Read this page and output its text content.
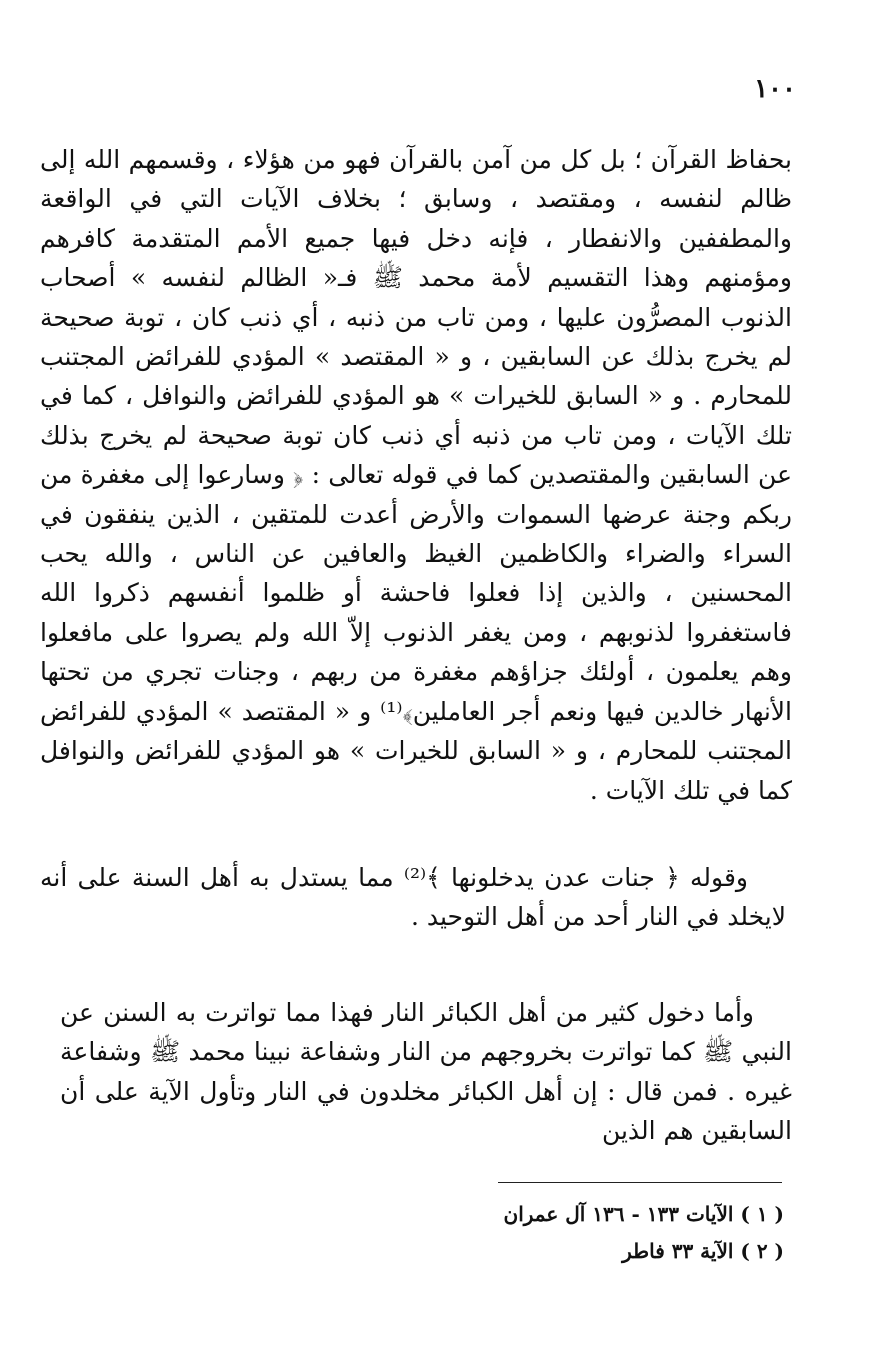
١٠٠
بحفاظ القرآن ؛ بل كل من آمن بالقرآن فهو من هؤلاء ، وقسمهم الله إلى ظالم لنفسه ، ومقتصد ، وسابق ؛ بخلاف الآيات التي في الواقعة والمطففين والانفطار ، فإنه دخل فيها جميع الأمم المتقدمة كافرهم ومؤمنهم وهذا التقسيم لأمة محمد ﷺ فـ« الظالم لنفسه » أصحاب الذنوب المصرُّون عليها ، ومن تاب من ذنبه ، أي ذنب كان ، توبة صحيحة لم يخرج بذلك عن السابقين ، و « المقتصد » المؤدي للفرائض المجتنب للمحارم . و « السابق للخيرات » هو المؤدي للفرائض والنوافل ، كما في تلك الآيات ، ومن تاب من ذنبه أي ذنب كان توبة صحيحة لم يخرج بذلك عن السابقين والمقتصدين كما في قوله تعالى : ﴿ وسارعوا إلى مغفرة من ربكم وجنة عرضها السموات والأرض أعدت للمتقين ، الذين ينفقون في السراء والضراء والكاظمين الغيظ والعافين عن الناس ، والله يحب المحسنين ، والذين إذا فعلوا فاحشة أو ظلموا أنفسهم ذكروا الله فاستغفروا لذنوبهم ، ومن يغفر الذنوب إلاّ الله ولم يصروا على مافعلوا وهم يعلمون ، أولئك جزاؤهم مغفرة من ربهم ، وجنات تجري من تحتها الأنهار خالدين فيها ونعم أجر العاملين﴾⁽¹⁾ و « المقتصد » المؤدي للفرائض المجتنب للمحارم ، و « السابق للخيرات » هو المؤدي للفرائض والنوافل كما في تلك الآيات .
وقوله ﴿ جنات عدن يدخلونها ﴾⁽²⁾ مما يستدل به أهل السنة على أنه لايخلد في النار أحد من أهل التوحيد .
وأما دخول كثير من أهل الكبائر النار فهذا مما تواترت به السنن عن النبي ﷺ كما تواترت بخروجهم من النار وشفاعة نبينا محمد ﷺ وشفاعة غيره . فمن قال : إن أهل الكبائر مخلدون في النار وتأول الآية على أن السابقين هم الذين
( ١ ) الآيات ١٣٣ - ١٣٦ آل عمران
( ٢ ) الآية ٣٣ فاطر
